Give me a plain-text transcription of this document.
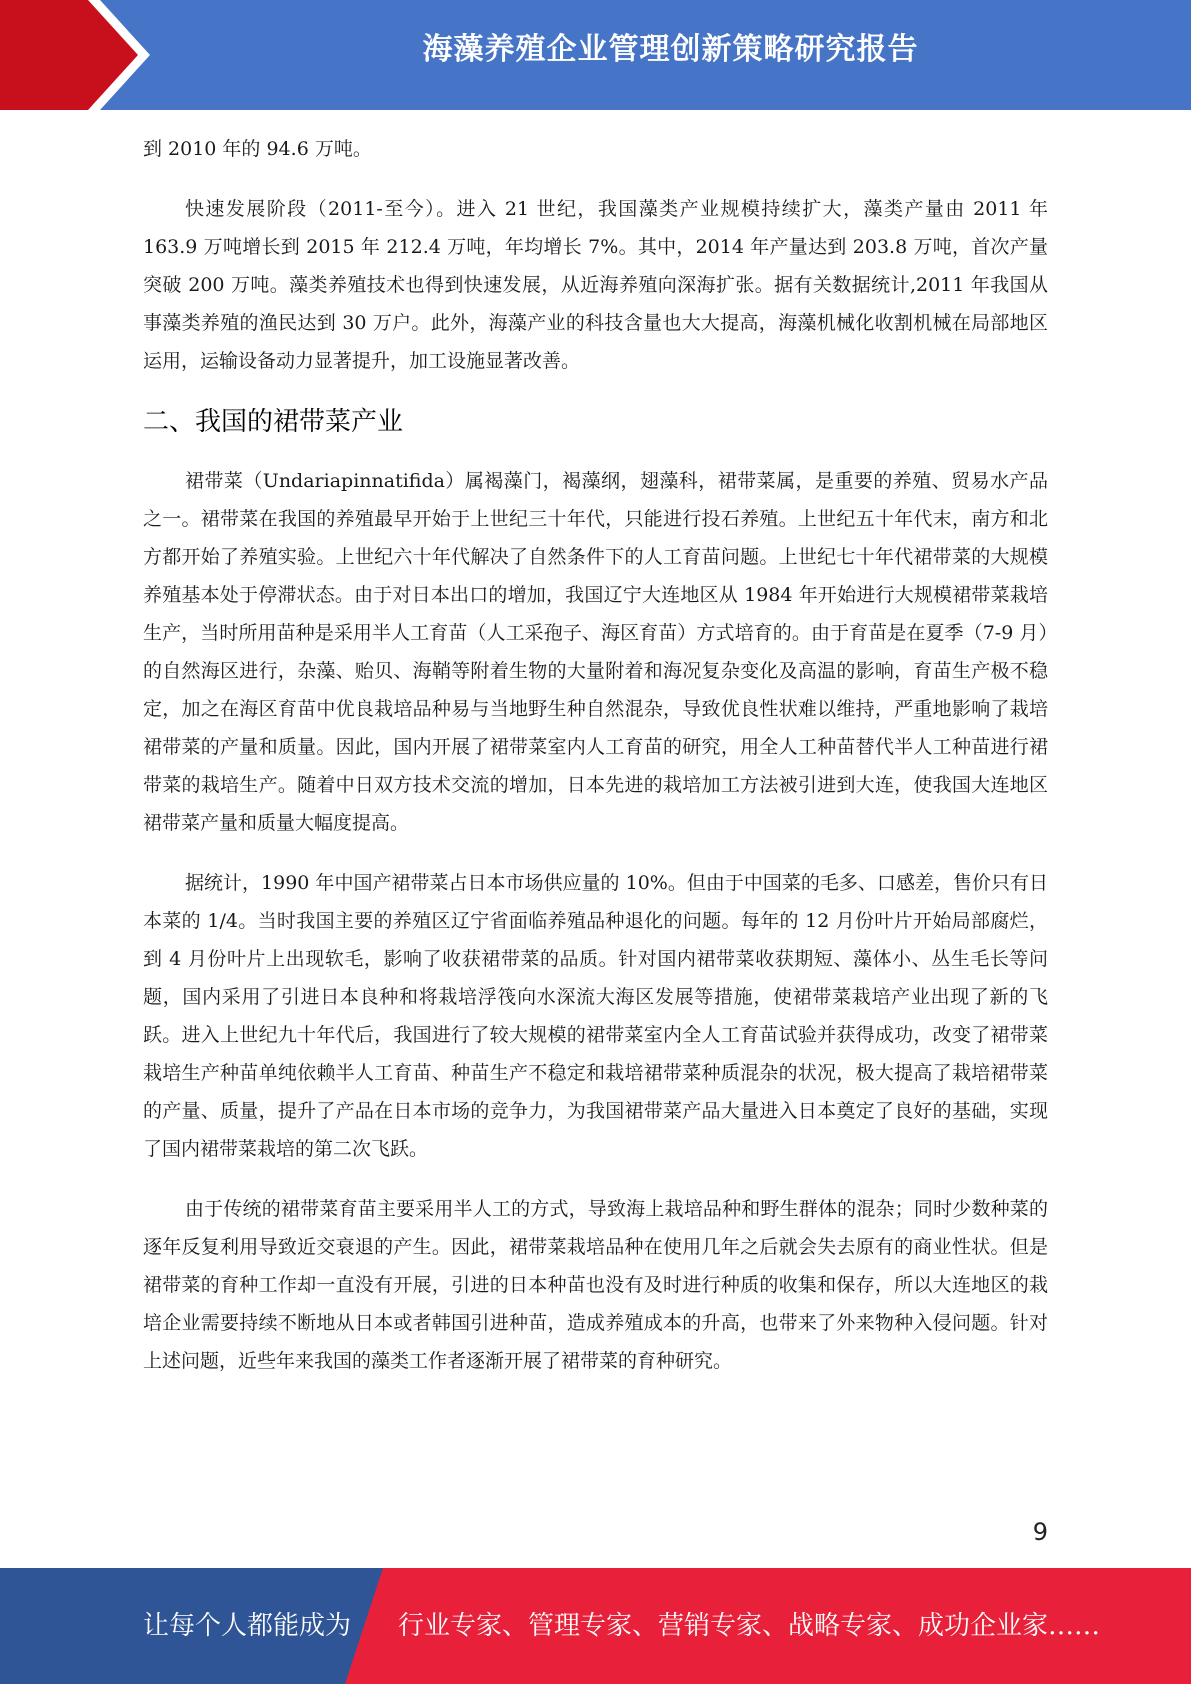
海藻养殖企业管理创新策略研究报告

到 2010 年的 94.6 万吨。

快速发展阶段（2011-至今）。进入 21 世纪，我国藻类产业规模持续扩大，藻类产量由 2011 年 163.9 万吨增长到 2015 年 212.4 万吨，年均增长 7%。其中，2014 年产量达到 203.8 万吨，首次产量突破 200 万吨。藻类养殖技术也得到快速发展，从近海养殖向深海扩张。据有关数据统计,2011 年我国从事藻类养殖的渔民达到 30 万户。此外，海藻产业的科技含量也大大提高，海藻机械化收割机械在局部地区运用，运输设备动力显著提升，加工设施显著改善。

二、我国的裙带菜产业

裙带菜（Undariapinnatifida）属褐藻门，褐藻纲，翅藻科，裙带菜属，是重要的养殖、贸易水产品之一。裙带菜在我国的养殖最早开始于上世纪三十年代，只能进行投石养殖。上世纪五十年代末，南方和北方都开始了养殖实验。上世纪六十年代解决了自然条件下的人工育苗问题。上世纪七十年代裙带菜的大规模养殖基本处于停滞状态。由于对日本出口的增加，我国辽宁大连地区从 1984 年开始进行大规模裙带菜栽培生产，当时所用苗种是采用半人工育苗（人工采孢子、海区育苗）方式培育的。由于育苗是在夏季（7-9 月）的自然海区进行，杂藻、贻贝、海鞘等附着生物的大量附着和海况复杂变化及高温的影响，育苗生产极不稳定，加之在海区育苗中优良栽培品种易与当地野生种自然混杂，导致优良性状难以维持，严重地影响了栽培裙带菜的产量和质量。因此，国内开展了裙带菜室内人工育苗的研究，用全人工种苗替代半人工种苗进行裙带菜的栽培生产。随着中日双方技术交流的增加，日本先进的栽培加工方法被引进到大连，使我国大连地区裙带菜产量和质量大幅度提高。

据统计，1990 年中国产裙带菜占日本市场供应量的 10%。但由于中国菜的毛多、口感差，售价只有日本菜的 1/4。当时我国主要的养殖区辽宁省面临养殖品种退化的问题。每年的 12 月份叶片开始局部腐烂，到 4 月份叶片上出现软毛，影响了收获裙带菜的品质。针对国内裙带菜收获期短、藻体小、丛生毛长等问题，国内采用了引进日本良种和将栽培浮筏向水深流大海区发展等措施，使裙带菜栽培产业出现了新的飞跃。进入上世纪九十年代后，我国进行了较大规模的裙带菜室内全人工育苗试验并获得成功，改变了裙带菜栽培生产种苗单纯依赖半人工育苗、种苗生产不稳定和栽培裙带菜种质混杂的状况，极大提高了栽培裙带菜的产量、质量，提升了产品在日本市场的竞争力，为我国裙带菜产品大量进入日本奠定了良好的基础，实现了国内裙带菜栽培的第二次飞跃。

由于传统的裙带菜育苗主要采用半人工的方式，导致海上栽培品种和野生群体的混杂；同时少数种菜的逐年反复利用导致近交衰退的产生。因此，裙带菜栽培品种在使用几年之后就会失去原有的商业性状。但是裙带菜的育种工作却一直没有开展，引进的日本种苗也没有及时进行种质的收集和保存，所以大连地区的栽培企业需要持续不断地从日本或者韩国引进种苗，造成养殖成本的升高，也带来了外来物种入侵问题。针对上述问题，近些年来我国的藻类工作者逐渐开展了裙带菜的育种研究。

9
让每个人都能成为 行业专家、管理专家、营销专家、战略专家、成功企业家……
